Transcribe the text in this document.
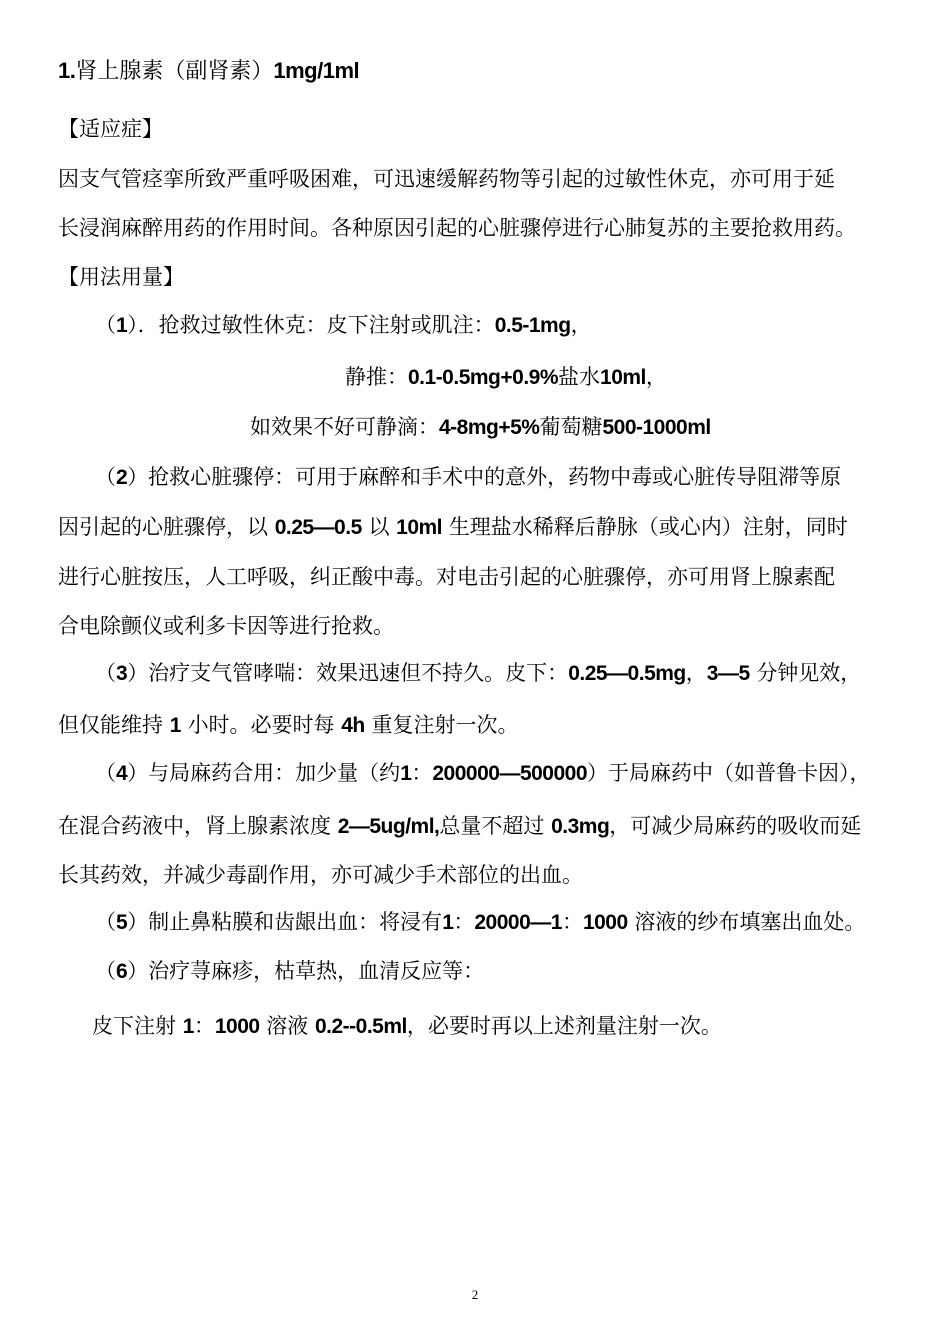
1.肾上腺素（副肾素）1mg/1ml
【适应症】
因支气管痉挛所致严重呼吸困难，可迅速缓解药物等引起的过敏性休克，亦可用于延
长浸润麻醉用药的作用时间。各种原因引起的心脏骤停进行心肺复苏的主要抢救用药。
【用法用量】
（1）．抢救过敏性休克：皮下注射或肌注：0.5-1mg，
静推：0.1-0.5mg+0.9%盐水10ml，
如效果不好可静滴：4-8mg+5%葡萄糖500-1000ml
（2）抢救心脏骤停：可用于麻醉和手术中的意外，药物中毒或心脏传导阻滞等原
因引起的心脏骤停，以 0.25—0.5 以 10ml 生理盐水稀释后静脉（或心内）注射，同时
进行心脏按压，人工呼吸，纠正酸中毒。对电击引起的心脏骤停，亦可用肾上腺素配
合电除颤仪或利多卡因等进行抢救。
（3）治疗支气管哮喘：效果迅速但不持久。皮下：0.25—0.5mg，3—5 分钟见效，
但仅能维持 1 小时。必要时每 4h 重复注射一次。
（4）与局麻药合用：加少量（约1：200000—500000）于局麻药中（如普鲁卡因），
在混合药液中，肾上腺素浓度 2—5ug/ml,总量不超过 0.3mg，可减少局麻药的吸收而延
长其药效，并减少毒副作用，亦可减少手术部位的出血。
（5）制止鼻粘膜和齿龈出血：将浸有1：20000—1：1000 溶液的纱布填塞出血处。
（6）治疗荨麻疹，枯草热，血清反应等：
皮下注射 1：1000 溶液 0.2--0.5ml，必要时再以上述剂量注射一次。
2
